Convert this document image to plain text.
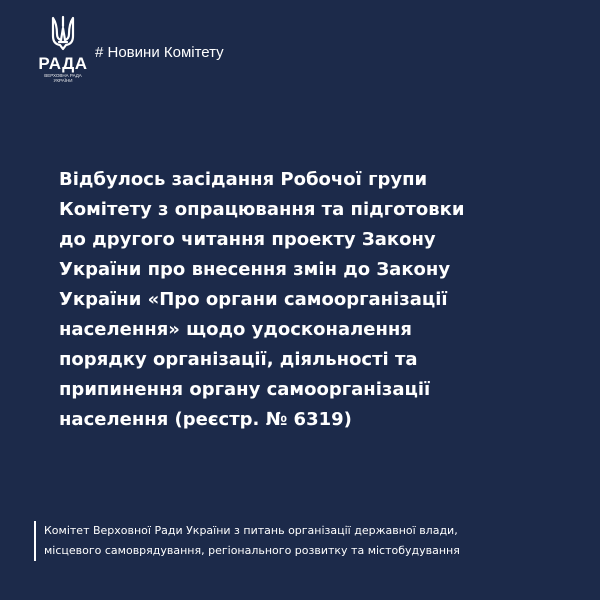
РАДА
ВЕРХОВНА РАДА
УКРАЇНИ
# Новини Комітету
Відбулось засідання Робочої групи
Комітету з опрацювання та підготовки
до другого читання проекту Закону
України про внесення змін до Закону
України «Про органи самоорганізації
населення» щодо удосконалення
порядку організації, діяльності та
припинення органу самоорганізації
населення (реєстр. № 6319)
Комітет Верховної Ради України з питань організації державної влади,
місцевого самоврядування, регіонального розвитку та містобудування
